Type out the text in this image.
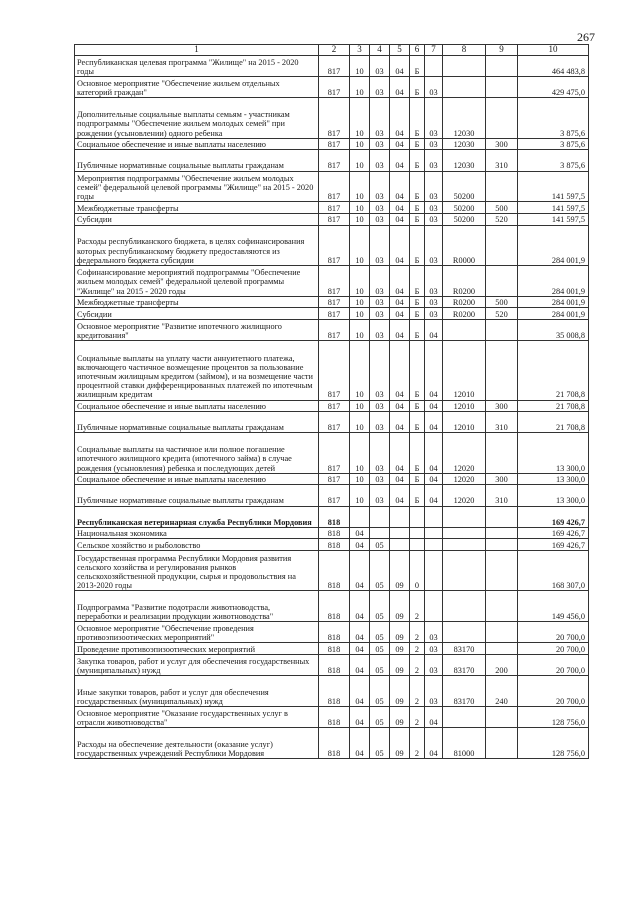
267
1	2	3	4	5	6	7	8	9	10
Республиканская целевая программа "Жилище" на 2015 - 2020 годы	817	10	03	04	Б				464 483,8
Основное мероприятие "Обеспечение жильем отдельных категорий граждан"	817	10	03	04	Б	03			429 475,0
Дополнительные социальные выплаты семьям - участникам подпрограммы "Обеспечение жильем молодых семей" при рождении (усыновлении) одного ребенка	817	10	03	04	Б	03	12030		3 875,6
Социальное обеспечение и иные выплаты населению	817	10	03	04	Б	03	12030	300	3 875,6
Публичные нормативные социальные выплаты гражданам	817	10	03	04	Б	03	12030	310	3 875,6
Мероприятия подпрограммы "Обеспечение жильем молодых семей" федеральной целевой программы "Жилище" на 2015 - 2020 годы	817	10	03	04	Б	03	50200		141 597,5
Межбюджетные трансферты	817	10	03	04	Б	03	50200	500	141 597,5
Субсидии	817	10	03	04	Б	03	50200	520	141 597,5
Расходы республиканского бюджета, в целях софинансирования которых республиканскому бюджету предоставляются из федерального бюджета субсидии	817	10	03	04	Б	03	R0000		284 001,9
Софинансирование мероприятий подпрограммы "Обеспечение жильем молодых семей" федеральной целевой программы "Жилище" на 2015 - 2020 годы	817	10	03	04	Б	03	R0200		284 001,9
Межбюджетные трансферты	817	10	03	04	Б	03	R0200	500	284 001,9
Субсидии	817	10	03	04	Б	03	R0200	520	284 001,9
Основное мероприятие "Развитие ипотечного жилищного кредитования"	817	10	03	04	Б	04			35 008,8
Социальные выплаты на уплату части аннуитетного платежа, включающего частичное возмещение процентов за пользование ипотечным жилищным кредитом (займом), и на возмещение части процентной ставки дифференцированных платежей по ипотечным жилищным кредитам	817	10	03	04	Б	04	12010		21 708,8
Социальное обеспечение и иные выплаты населению	817	10	03	04	Б	04	12010	300	21 708,8
Публичные нормативные социальные выплаты гражданам	817	10	03	04	Б	04	12010	310	21 708,8
Социальные выплаты на частичное или полное погашение ипотечного жилищного кредита (ипотечного займа) в случае рождения (усыновления) ребенка и последующих детей	817	10	03	04	Б	04	12020		13 300,0
Социальное обеспечение и иные выплаты населению	817	10	03	04	Б	04	12020	300	13 300,0
Публичные нормативные социальные выплаты гражданам	817	10	03	04	Б	04	12020	310	13 300,0
Республиканская ветеринарная служба Республики Мордовия	818								169 426,7
Национальная экономика	818	04							169 426,7
Сельское хозяйство и рыболовство	818	04	05						169 426,7
Государственная программа Республики Мордовия развития сельского хозяйства и регулирования рынков сельскохозяйственной продукции, сырья и продовольствия на 2013-2020 годы	818	04	05	09	0				168 307,0
Подпрограмма "Развитие подотрасли животноводства, переработки и реализации продукции животноводства"	818	04	05	09	2				149 456,0
Основное мероприятие "Обеспечение проведения противоэпизоотических мероприятий"	818	04	05	09	2	03			20 700,0
Проведение противоэпизоотических мероприятий	818	04	05	09	2	03	83170		20 700,0
Закупка товаров, работ и услуг для обеспечения государственных (муниципальных) нужд	818	04	05	09	2	03	83170	200	20 700,0
Иные закупки товаров, работ и услуг для обеспечения государственных (муниципальных) нужд	818	04	05	09	2	03	83170	240	20 700,0
Основное мероприятие "Оказание государственных услуг в отрасли животноводства"	818	04	05	09	2	04			128 756,0
Расходы на обеспечение деятельности (оказание услуг) государственных учреждений Республики Мордовия	818	04	05	09	2	04	81000		128 756,0
